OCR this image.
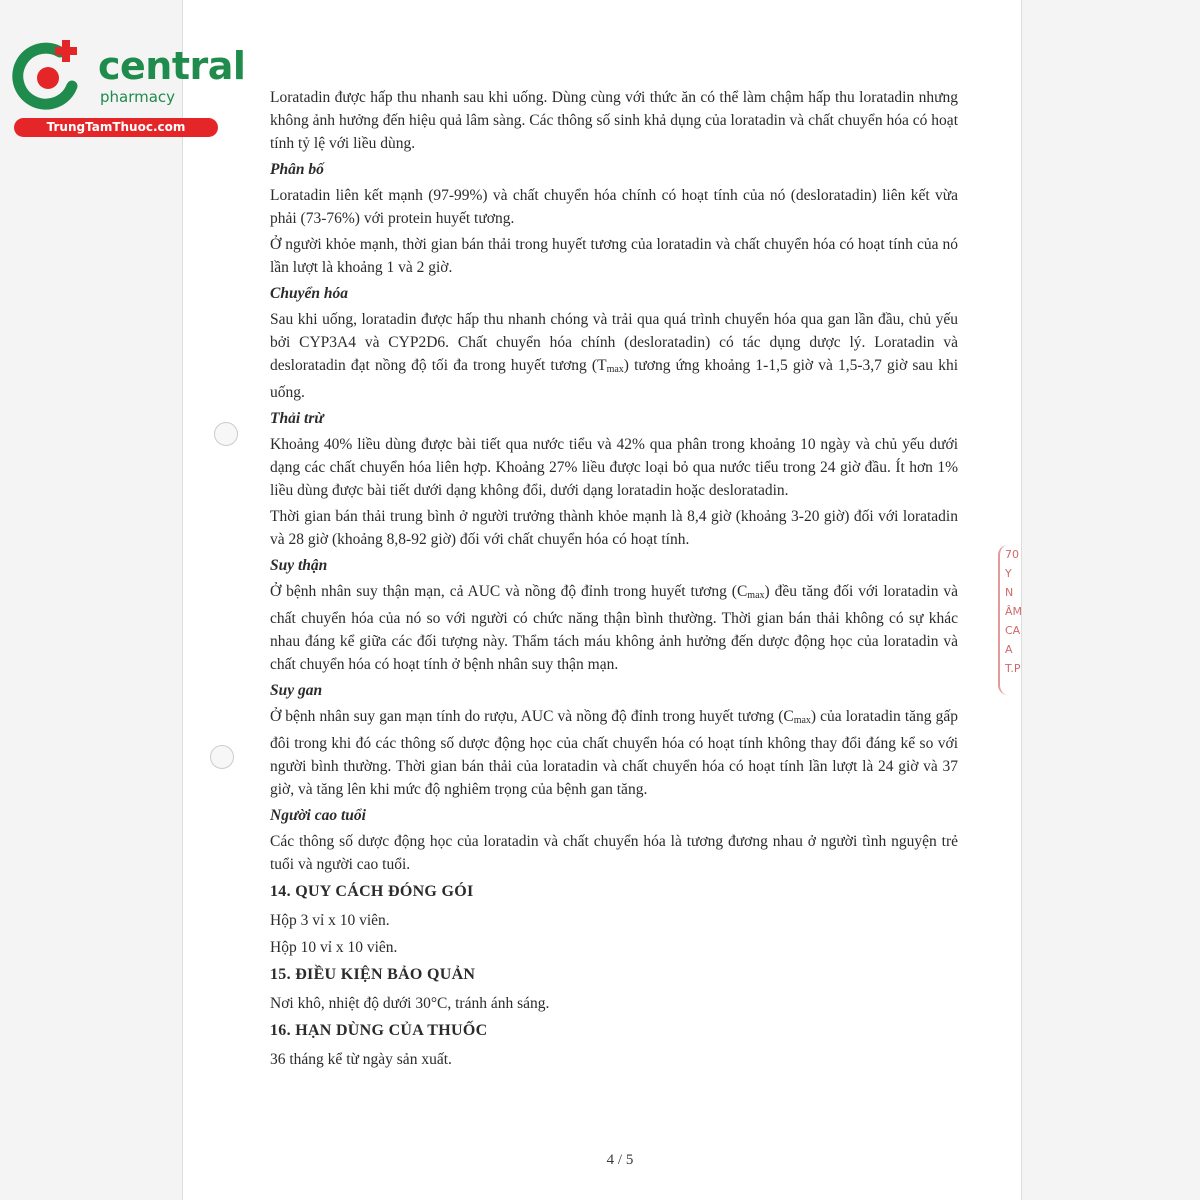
central
pharmacy
TrungTamThuoc.com
70
Y
N
ÂM
CA
A
T.P

Loratadin được hấp thu nhanh sau khi uống. Dùng cùng với thức ăn có thể làm chậm hấp thu loratadin nhưng không ảnh hưởng đến hiệu quả lâm sàng. Các thông số sinh khả dụng của loratadin và chất chuyển hóa có hoạt tính tỷ lệ với liều dùng.

Phân bố

Loratadin liên kết mạnh (97-99%) và chất chuyển hóa chính có hoạt tính của nó (desloratadin) liên kết vừa phải (73-76%) với protein huyết tương.

Ở người khỏe mạnh, thời gian bán thải trong huyết tương của loratadin và chất chuyển hóa có hoạt tính của nó lần lượt là khoảng 1 và 2 giờ.

Chuyển hóa

Sau khi uống, loratadin được hấp thu nhanh chóng và trải qua quá trình chuyển hóa qua gan lần đầu, chủ yếu bởi CYP3A4 và CYP2D6. Chất chuyển hóa chính (desloratadin) có tác dụng dược lý. Loratadin và desloratadin đạt nồng độ tối đa trong huyết tương $(T_{max})$ tương ứng khoảng 1-1,5 giờ và 1,5-3,7 giờ sau khi uống.

Thải trừ

Khoảng 40% liều dùng được bài tiết qua nước tiểu và 42% qua phân trong khoảng 10 ngày và chủ yếu dưới dạng các chất chuyển hóa liên hợp. Khoảng 27% liều được loại bỏ qua nước tiểu trong 24 giờ đầu. Ít hơn 1% liều dùng được bài tiết dưới dạng không đổi, dưới dạng loratadin hoặc desloratadin.

Thời gian bán thải trung bình ở người trưởng thành khỏe mạnh là 8,4 giờ (khoảng 3-20 giờ) đối với loratadin và 28 giờ (khoảng 8,8-92 giờ) đối với chất chuyển hóa có hoạt tính.

Suy thận

Ở bệnh nhân suy thận mạn, cả AUC và nồng độ đỉnh trong huyết tương $(C_{max})$ đều tăng đối với loratadin và chất chuyển hóa của nó so với người có chức năng thận bình thường. Thời gian bán thải không có sự khác nhau đáng kể giữa các đối tượng này. Thẩm tách máu không ảnh hưởng đến dược động học của loratadin và chất chuyển hóa có hoạt tính ở bệnh nhân suy thận mạn.

Suy gan

Ở bệnh nhân suy gan mạn tính do rượu, AUC và nồng độ đỉnh trong huyết tương $(C_{max})$ của loratadin tăng gấp đôi trong khi đó các thông số dược động học của chất chuyển hóa có hoạt tính không thay đổi đáng kể so với người bình thường. Thời gian bán thải của loratadin và chất chuyển hóa có hoạt tính lần lượt là 24 giờ và 37 giờ, và tăng lên khi mức độ nghiêm trọng của bệnh gan tăng.

Người cao tuổi

Các thông số dược động học của loratadin và chất chuyển hóa là tương đương nhau ở người tình nguyện trẻ tuổi và người cao tuổi.

14. QUY CÁCH ĐÓNG GÓI

Hộp 3 vỉ x 10 viên.

Hộp 10 vỉ x 10 viên.

15. ĐIỀU KIỆN BẢO QUẢN

Nơi khô, nhiệt độ dưới 30°C, tránh ánh sáng.

16. HẠN DÙNG CỦA THUỐC

36 tháng kể từ ngày sản xuất.

4 / 5
